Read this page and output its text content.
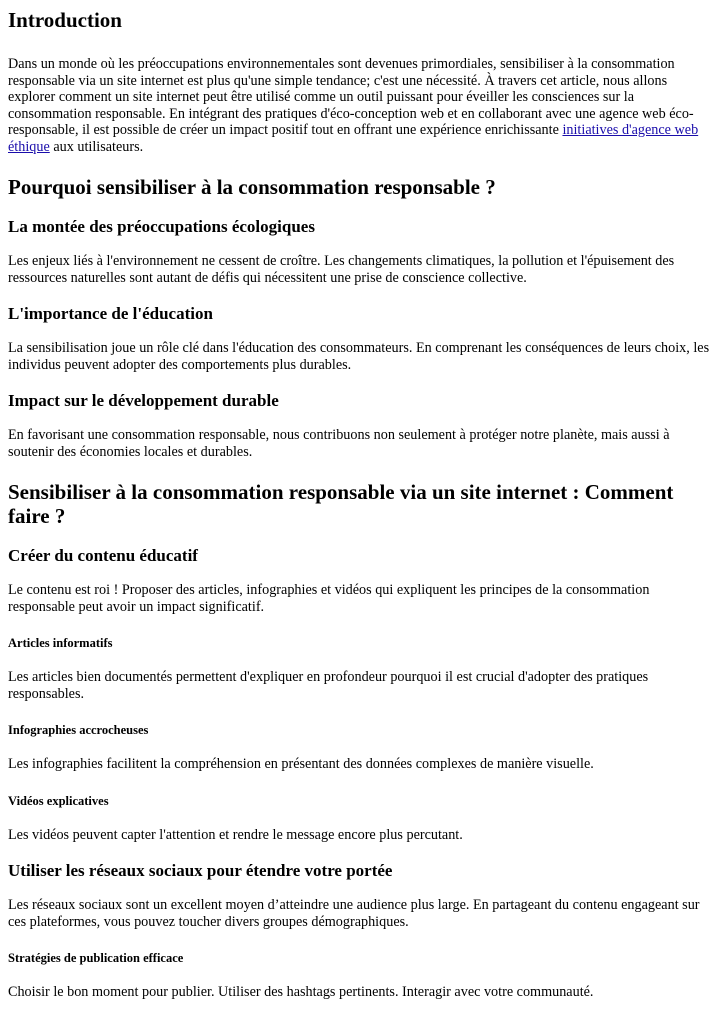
Introduction

Dans un monde où les préoccupations environnementales sont devenues primordiales, sensibiliser à la consommation responsable via un site internet est plus qu'une simple tendance; c'est une nécessité. À travers cet article, nous allons explorer comment un site internet peut être utilisé comme un outil puissant pour éveiller les consciences sur la consommation responsable. En intégrant des pratiques d'éco-conception web et en collaborant avec une agence web éco-responsable, il est possible de créer un impact positif tout en offrant une expérience enrichissante initiatives d'agence web éthique aux utilisateurs.

Pourquoi sensibiliser à la consommation responsable ?
La montée des préoccupations écologiques

Les enjeux liés à l'environnement ne cessent de croître. Les changements climatiques, la pollution et l'épuisement des ressources naturelles sont autant de défis qui nécessitent une prise de conscience collective.

L'importance de l'éducation

La sensibilisation joue un rôle clé dans l'éducation des consommateurs. En comprenant les conséquences de leurs choix, les individus peuvent adopter des comportements plus durables.

Impact sur le développement durable

En favorisant une consommation responsable, nous contribuons non seulement à protéger notre planète, mais aussi à soutenir des économies locales et durables.

Sensibiliser à la consommation responsable via un site internet : Comment faire ?
Créer du contenu éducatif

Le contenu est roi ! Proposer des articles, infographies et vidéos qui expliquent les principes de la consommation responsable peut avoir un impact significatif.

Articles informatifs

Les articles bien documentés permettent d'expliquer en profondeur pourquoi il est crucial d'adopter des pratiques responsables.

Infographies accrocheuses

Les infographies facilitent la compréhension en présentant des données complexes de manière visuelle.

Vidéos explicatives

Les vidéos peuvent capter l'attention et rendre le message encore plus percutant.

Utiliser les réseaux sociaux pour étendre votre portée

Les réseaux sociaux sont un excellent moyen d’atteindre une audience plus large. En partageant du contenu engageant sur ces plateformes, vous pouvez toucher divers groupes démographiques.

Stratégies de publication efficace

Choisir le bon moment pour publier. Utiliser des hashtags pertinents. Interagir avec votre communauté.
